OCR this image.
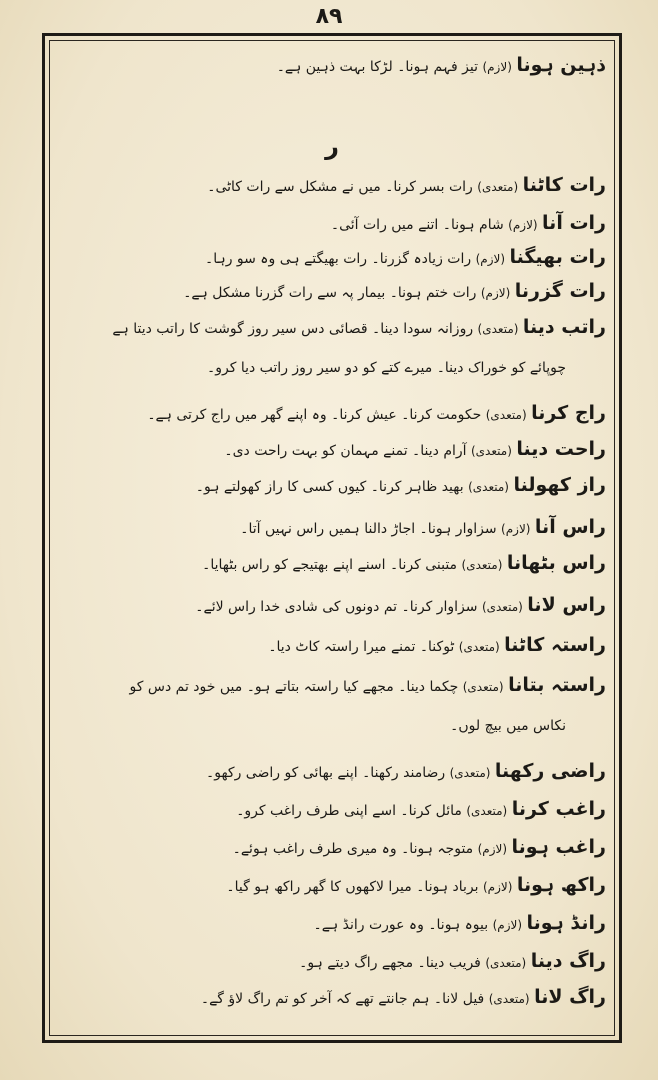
۸۹
ذہین ہونا (لازم) تیز فہم ہونا۔ لڑکا بہت ذہین ہے۔
ر
رات کاٹنا (متعدی) رات بسر کرنا۔ میں نے مشکل سے رات کاٹی۔
رات آنا (لازم) شام ہونا۔ اتنے میں رات آئی۔
رات بھیگنا (لازم) رات زیادہ گزرنا۔ رات بھیگتے ہی وہ سو رہا۔
رات گزرنا (لازم) رات ختم ہونا۔ بیمار پہ سے رات گزرنا مشکل ہے۔
راتب دینا (متعدی) روزانہ سودا دینا۔ قصائی دس سیر روز گوشت کا راتب دیتا ہے
چوپائے کو خوراک دینا۔ میرے کتے کو دو سیر روز راتب دیا کرو۔
راج کرنا (متعدی) حکومت کرنا۔ عیش کرنا۔ وہ اپنے گھر میں راج کرتی ہے۔
راحت دینا (متعدی) آرام دینا۔ تمنے مہمان کو بہت راحت دی۔
راز کھولنا (متعدی) بھید ظاہر کرنا۔ کیوں کسی کا راز کھولتے ہو۔
راس آنا (لازم) سزاوار ہونا۔ اجاڑ دالنا ہمیں راس نہیں آتا۔
راس بٹھانا (متعدی) متبنی کرنا۔ اسنے اپنے بھتیجے کو راس بٹھایا۔
راس لانا (متعدی) سزاوار کرنا۔ تم دونوں کی شادی خدا راس لائے۔
راستہ کاٹنا (متعدی) ٹوکنا۔ تمنے میرا راستہ کاٹ دیا۔
راستہ بتانا (متعدی) چکما دینا۔ مجھے کیا راستہ بتاتے ہو۔ میں خود تم دس کو
نکاس میں بیچ لوں۔
راضی رکھنا (متعدی) رضامند رکھنا۔ اپنے بھائی کو راضی رکھو۔
راغب کرنا (متعدی) مائل کرنا۔ اسے اپنی طرف راغب کرو۔
راغب ہونا (لازم) متوجہ ہونا۔ وہ میری طرف راغب ہوئے۔
راکھ ہونا (لازم) برباد ہونا۔ میرا لاکھوں کا گھر راکھ ہو گیا۔
رانڈ ہونا (لازم) بیوہ ہونا۔ وہ عورت رانڈ ہے۔
راگ دینا (متعدی) فریب دینا۔ مجھے راگ دیتے ہو۔
راگ لانا (متعدی) فیل لانا۔ ہم جانتے تھے کہ آخر کو تم راگ لاؤ گے۔
